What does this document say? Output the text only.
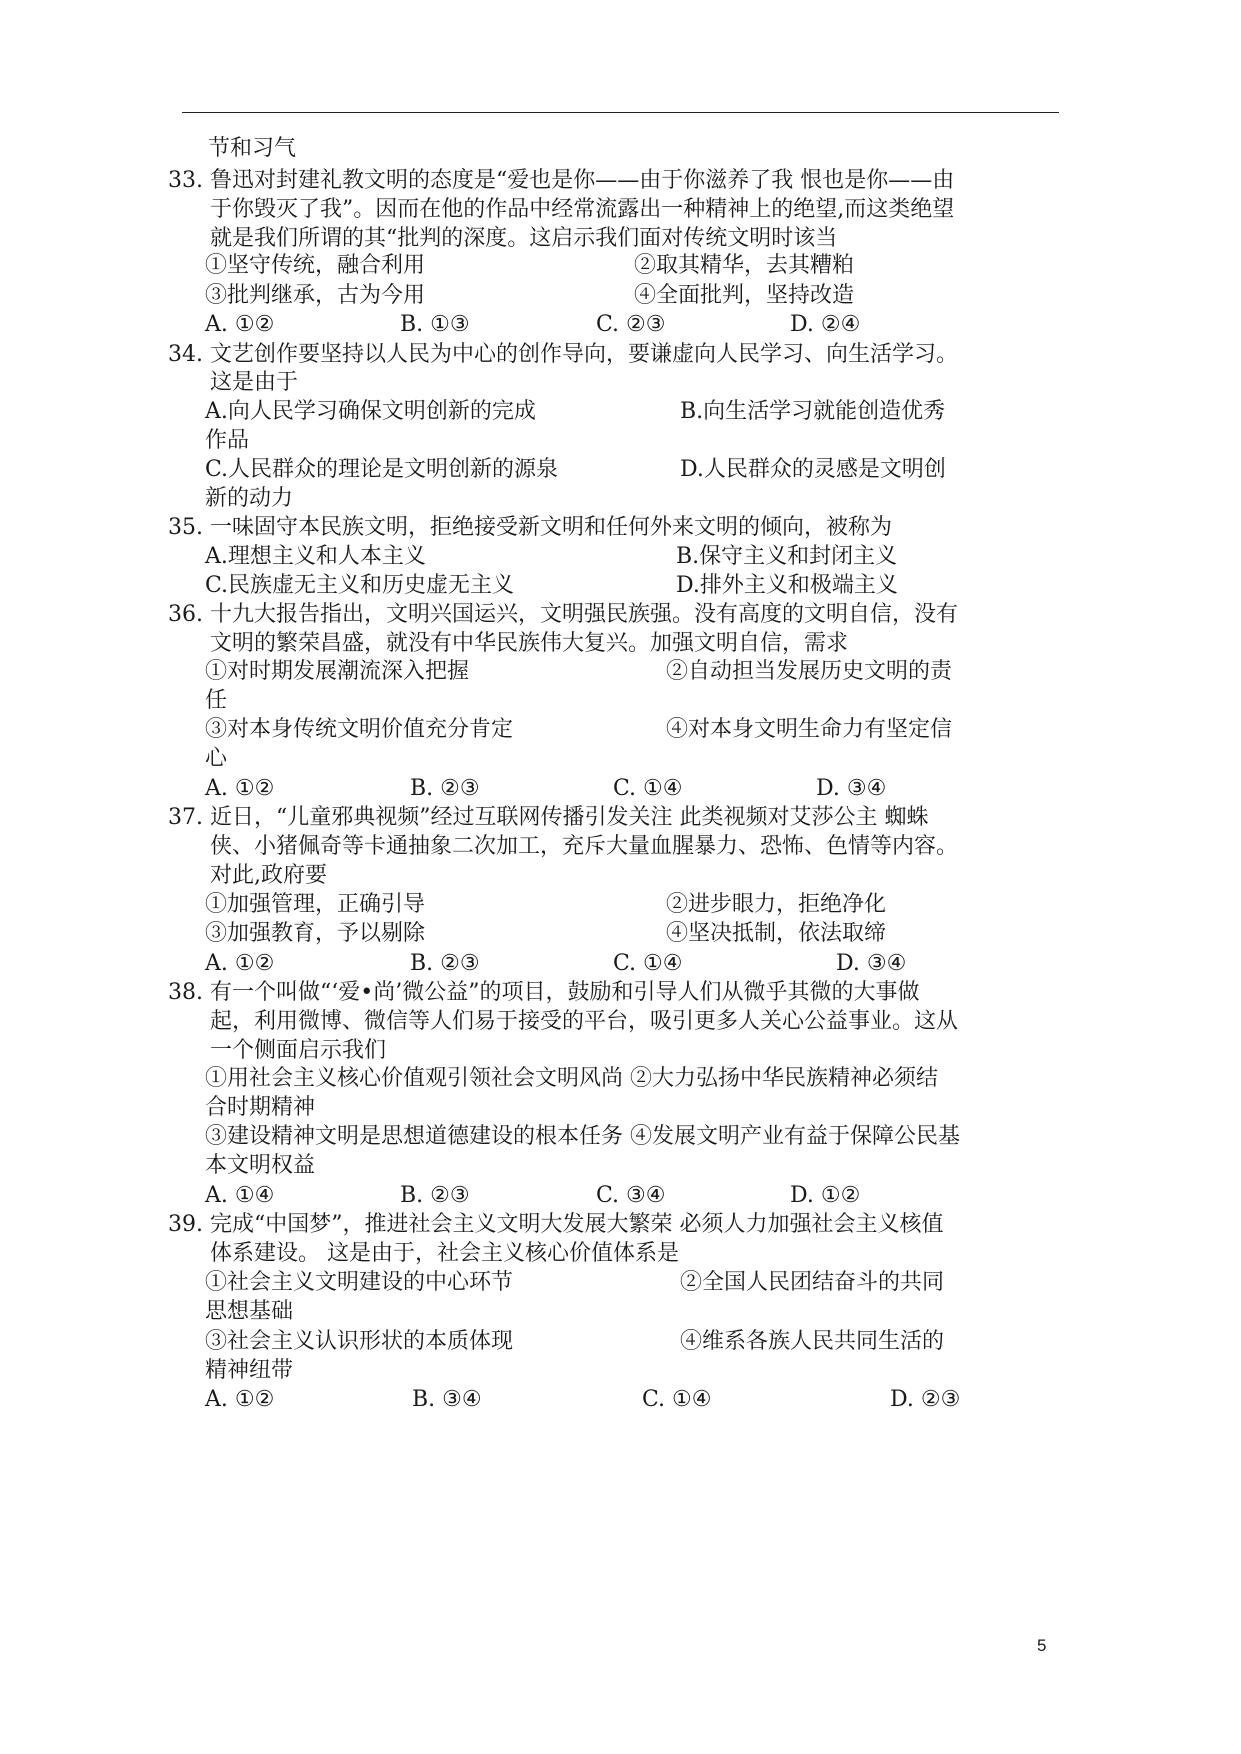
节和习气
33. 鲁迅对封建礼教文明的态度是“爱也是你——由于你滋养了我 恨也是你——由
于你毁灭了我”。因而在他的作品中经常流露出一种精神上的绝望,而这类绝望
就是我们所谓的其“批判的深度。这启示我们面对传统文明时该当
①坚守传统，融合利用	②取其精华，去其糟粕
③批判继承，古为今用	④全面批判，坚持改造
A. ①②	B. ①③	C. ②③	D. ②④
34. 文艺创作要坚持以人民为中心的创作导向，要谦虚向人民学习、向生活学习。
这是由于
A.向人民学习确保文明创新的完成	B.向生活学习就能创造优秀
作品
C.人民群众的理论是文明创新的源泉	D.人民群众的灵感是文明创
新的动力
35. 一味固守本民族文明，拒绝接受新文明和任何外来文明的倾向，被称为
A.理想主义和人本主义	B.保守主义和封闭主义
C.民族虚无主义和历史虚无主义	D.排外主义和极端主义
36. 十九大报告指出，文明兴国运兴，文明强民族强。没有高度的文明自信，没有
文明的繁荣昌盛，就没有中华民族伟大复兴。加强文明自信，需求
①对时期发展潮流深入把握	②自动担当发展历史文明的责
任
③对本身传统文明价值充分肯定	④对本身文明生命力有坚定信
心
A. ①②	B. ②③	C. ①④	D. ③④
37. 近日，“儿童邪典视频”经过互联网传播引发关注 此类视频对艾莎公主 蜘蛛
侠、小猪佩奇等卡通抽象二次加工，充斥大量血腥暴力、恐怖、色情等内容。
对此,政府要
①加强管理，正确引导	②进步眼力，拒绝净化
③加强教育，予以剔除	④坚决抵制，依法取缔
A. ①②	B. ②③	C. ①④	D. ③④
38. 有一个叫做“‘爱•尚’微公益”的项目，鼓励和引导人们从微乎其微的大事做
起，利用微博、微信等人们易于接受的平台，吸引更多人关心公益事业。这从
一个侧面启示我们
①用社会主义核心价值观引领社会文明风尚 ②大力弘扬中华民族精神必须结
合时期精神
③建设精神文明是思想道德建设的根本任务 ④发展文明产业有益于保障公民基
本文明权益
A. ①④	B. ②③	C. ③④	D. ①②
39. 完成“中国梦”，推进社会主义文明大发展大繁荣 必须人力加强社会主义核值
体系建设。 这是由于，社会主义核心价值体系是
①社会主义文明建设的中心环节	②全国人民团结奋斗的共同
思想基础
③社会主义认识形状的本质体现	④维系各族人民共同生活的
精神纽带
A. ①②	B. ③④	C. ①④	D. ②③
5
